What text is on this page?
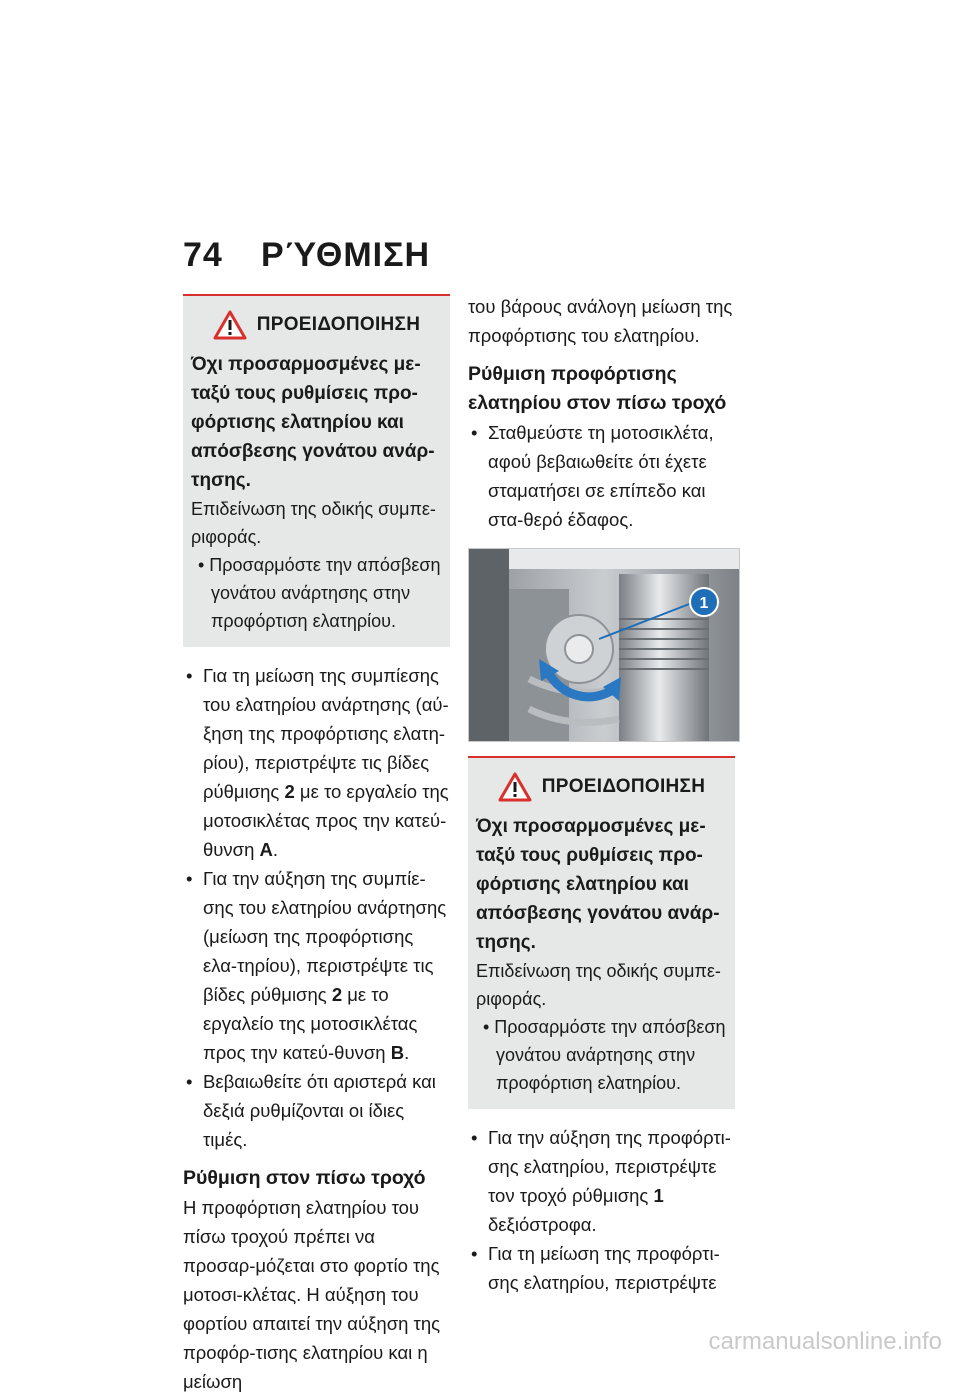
74 ΡΎΘΜΙΣΗ
ΠΡΟΕΙΔΟΠΟΙΗΣΗ

Όχι προσαρμοσμένες με-ταξύ τους ρυθμίσεις προ-φόρτισης ελατηρίου και απόσβεσης γονάτου ανάρ-τησης.

Επιδείνωση της οδικής συμπε-ριφοράς.

• Προσαρμόστε την απόσβεση γονάτου ανάρτησης στην προφόρτιση ελατηρίου.

• Για τη μείωση της συμπίεσης του ελατηρίου ανάρτησης (αύ-ξηση της προφόρτισης ελατη-ρίου), περιστρέψτε τις βίδες ρύθμισης 2 με το εργαλείο της μοτοσικλέτας προς την κατεύ-θυνση A.
• Για την αύξηση της συμπίε-σης του ελατηρίου ανάρτησης (μείωση της προφόρτισης ελα-τηρίου), περιστρέψτε τις βίδες ρύθμισης 2 με το εργαλείο της μοτοσικλέτας προς την κατεύ-θυνση B.
• Βεβαιωθείτε ότι αριστερά και δεξιά ρυθμίζονται οι ίδιες τιμές.

Ρύθμιση στον πίσω τροχό

Η προφόρτιση ελατηρίου του πίσω τροχού πρέπει να προσαρ-μόζεται στο φορτίο της μοτοσι-κλέτας. Η αύξηση του φορτίου απαιτεί την αύξηση της προφόρ-τισης ελατηρίου και η μείωση

του βάρους ανάλογη μείωση της προφόρτισης του ελατηρίου.

Ρύθμιση προφόρτισης ελατηρίου στον πίσω τροχό

• Σταθμεύστε τη μοτοσικλέτα, αφού βεβαιωθείτε ότι έχετε σταματήσει σε επίπεδο και στα-θερό έδαφος.
1
ΠΡΟΕΙΔΟΠΟΙΗΣΗ

Όχι προσαρμοσμένες με-ταξύ τους ρυθμίσεις προ-φόρτισης ελατηρίου και απόσβεσης γονάτου ανάρ-τησης.

Επιδείνωση της οδικής συμπε-ριφοράς.

• Προσαρμόστε την απόσβεση γονάτου ανάρτησης στην προφόρτιση ελατηρίου.

• Για την αύξηση της προφόρτι-σης ελατηρίου, περιστρέψτε τον τροχό ρύθμισης 1 δεξιόστροφα.
• Για τη μείωση της προφόρτι-σης ελατηρίου, περιστρέψτε
carmanualsonline.info
